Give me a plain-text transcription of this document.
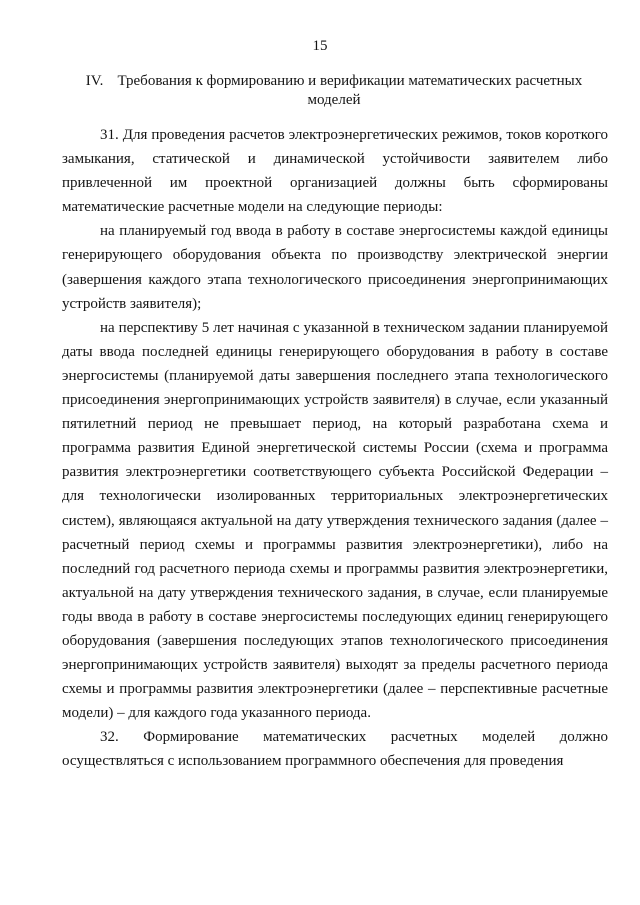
15
IV. Требования к формированию и верификации математических расчетных моделей

31. Для проведения расчетов электроэнергетических режимов, токов короткого замыкания, статической и динамической устойчивости заявителем либо привлеченной им проектной организацией должны быть сформированы математические расчетные модели на следующие периоды:

на планируемый год ввода в работу в составе энергосистемы каждой единицы генерирующего оборудования объекта по производству электрической энергии (завершения каждого этапа технологического присоединения энергопринимающих устройств заявителя);

на перспективу 5 лет начиная с указанной в техническом задании планируемой даты ввода последней единицы генерирующего оборудования в работу в составе энергосистемы (планируемой даты завершения последнего этапа технологического присоединения энергопринимающих устройств заявителя) в случае, если указанный пятилетний период не превышает период, на который разработана схема и программа развития Единой энергетической системы России (схема и программа развития электроэнергетики соответствующего субъекта Российской Федерации – для технологически изолированных территориальных электроэнергетических систем), являющаяся актуальной на дату утверждения технического задания (далее – расчетный период схемы и программы развития электроэнергетики), либо на последний год расчетного периода схемы и программы развития электроэнергетики, актуальной на дату утверждения технического задания, в случае, если планируемые годы ввода в работу в составе энергосистемы последующих единиц генерирующего оборудования (завершения последующих этапов технологического присоединения энергопринимающих устройств заявителя) выходят за пределы расчетного периода схемы и программы развития электроэнергетики (далее – перспективные расчетные модели) – для каждого года указанного периода.

32. Формирование математических расчетных моделей должно осуществляться с использованием программного обеспечения для проведения
